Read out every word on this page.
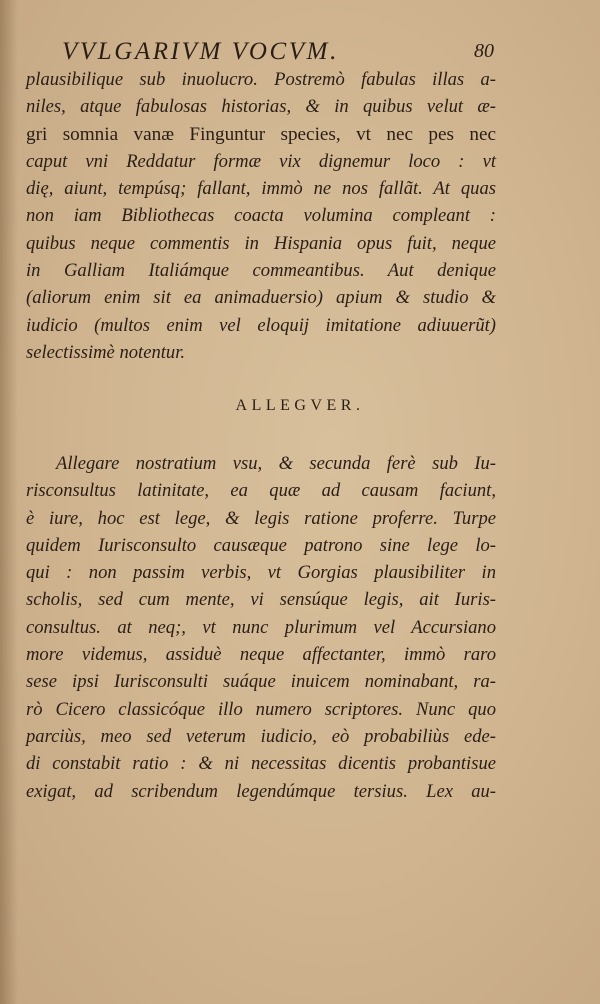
VVLGARIVM VOCVM.	80
plausibilique sub inuolucro. Postremò fabulas illas a-
niles, atque fabulosas historias, & in quibus velut æ-
gri somnia vanæ Finguntur species, vt nec pes nec
caput vni Reddatur formæ vix dignemur loco : vt
dię, aiunt, tempúsq; fallant, immò ne nos fallãt. At quas
non iam Bibliothecas coacta volumina compleant :
quibus neque commentis in Hispania opus fuit, neque
in Galliam Italiámque commeantibus. Aut denique
(aliorum enim sit ea animaduersio) apium & studio &
iudicio (multos enim vel eloquij imitatione adiuuerũt)
selectissimè notentur.
ALLEGVER.
Allegare nostratium vsu, & secunda ferè sub Iu-
risconsultus latinitate, ea quæ ad causam faciunt,
è iure, hoc est lege, & legis ratione proferre. Turpe
quidem Iurisconsulto causæque patrono sine lege lo-
qui : non passim verbis, vt Gorgias plausibiliter in
scholis, sed cum mente, vi sensúque legis, ait Iuris-
consultus. at neq;, vt nunc plurimum vel Accursiano
more videmus, assiduè neque affectanter, immò raro
sese ipsi Iurisconsulti suáque inuicem nominabant, ra-
rò Cicero classicóque illo numero scriptores. Nunc quo
parciùs, meo sed veterum iudicio, eò probabiliùs ede-
di constabit ratio : & ni necessitas dicentis probantisue
exigat, ad scribendum legendúmque tersius. Lex au-
